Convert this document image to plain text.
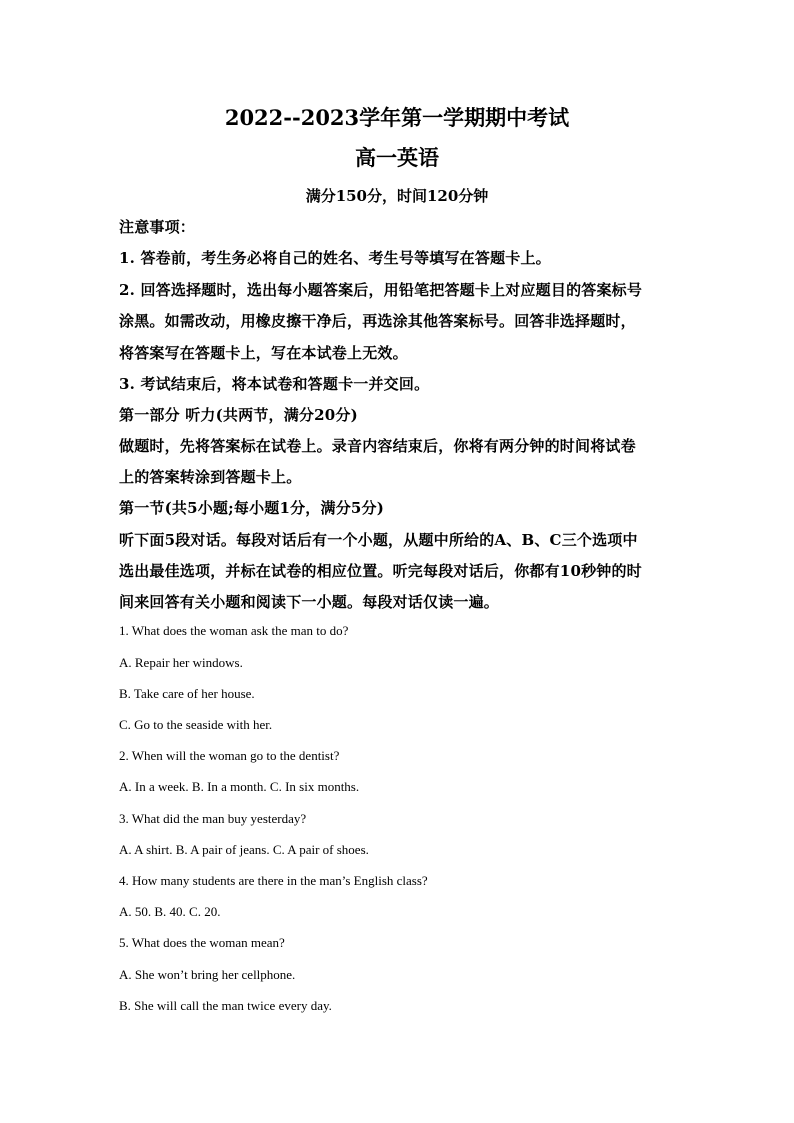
2022--2023学年第一学期期中考试
高一英语
满分150分，时间120分钟
注意事项：
1. 答卷前，考生务必将自己的姓名、考生号等填写在答题卡上。
2. 回答选择题时，选出每小题答案后，用铅笔把答题卡上对应题目的答案标号
涂黑。如需改动，用橡皮擦干净后，再选涂其他答案标号。回答非选择题时，
将答案写在答题卡上，写在本试卷上无效。
3. 考试结束后，将本试卷和答题卡一并交回。
第一部分 听力(共两节，满分20分)
做题时，先将答案标在试卷上。录音内容结束后，你将有两分钟的时间将试卷
上的答案转涂到答题卡上。
第一节(共5小题;每小题1分，满分5分)
听下面5段对话。每段对话后有一个小题，从题中所给的A、B、C三个选项中
选出最佳选项，并标在试卷的相应位置。听完每段对话后，你都有10秒钟的时
间来回答有关小题和阅读下一小题。每段对话仅读一遍。
1. What does the woman ask the man to do?
A. Repair her windows.
B. Take care of her house.
C. Go to the seaside with her.
2. When will the woman go to the dentist?
A. In a week. B. In a month. C. In six months.
3. What did the man buy yesterday?
A. A shirt. B. A pair of jeans. C. A pair of shoes.
4. How many students are there in the man’s English class?
A. 50. B. 40. C. 20.
5. What does the woman mean?
A. She won’t bring her cellphone.
B. She will call the man twice every day.
